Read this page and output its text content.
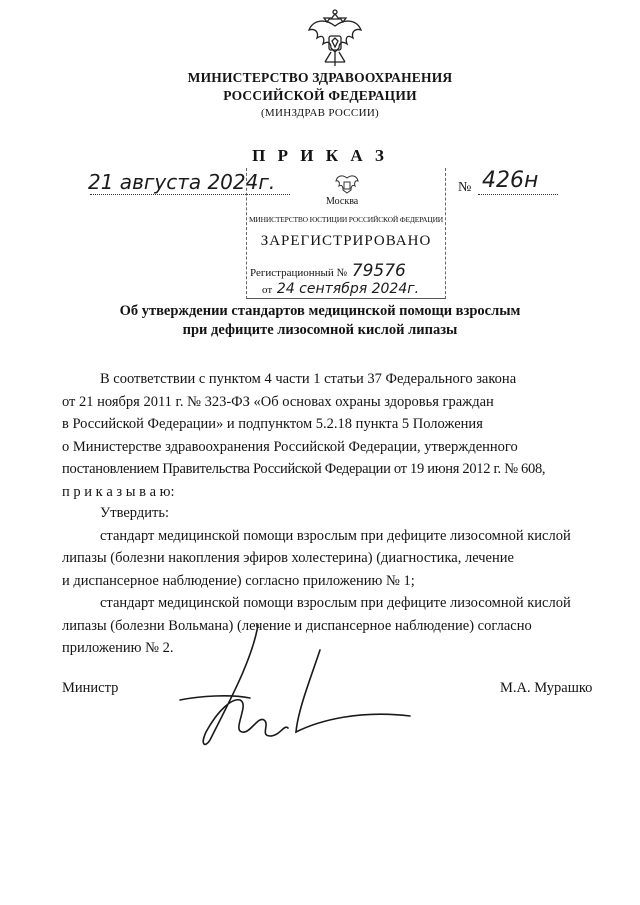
МИНИСТЕРСТВО ЗДРАВООХРАНЕНИЯ
РОССИЙСКОЙ ФЕДЕРАЦИИ
(МИНЗДРАВ РОССИИ)
П Р И К А З
21 августа 2024г.	№ 426н
Москва
МИНИСТЕРСТВО ЮСТИЦИИ РОССИЙСКОЙ ФЕДЕРАЦИИ
ЗАРЕГИСТРИРОВАНО
Регистрационный № 79576
от 24 сентября 2024г.
Об утверждении стандартов медицинской помощи взрослым
при дефиците лизосомной кислой липазы
В соответствии с пунктом 4 части 1 статьи 37 Федерального закона
от 21 ноября 2011 г. № 323-ФЗ «Об основах охраны здоровья граждан
в Российской Федерации» и подпунктом 5.2.18 пункта 5 Положения
о Министерстве здравоохранения Российской Федерации, утвержденного
постановлением Правительства Российской Федерации от 19 июня 2012 г. № 608,
п р и к а з ы в а ю:
Утвердить:
стандарт медицинской помощи взрослым при дефиците лизосомной кислой
липазы (болезни накопления эфиров холестерина) (диагностика, лечение
и диспансерное наблюдение) согласно приложению № 1;
стандарт медицинской помощи взрослым при дефиците лизосомной кислой
липазы (болезни Вольмана) (лечение и диспансерное наблюдение) согласно
приложению № 2.
Министр	М.А. Мурашко
